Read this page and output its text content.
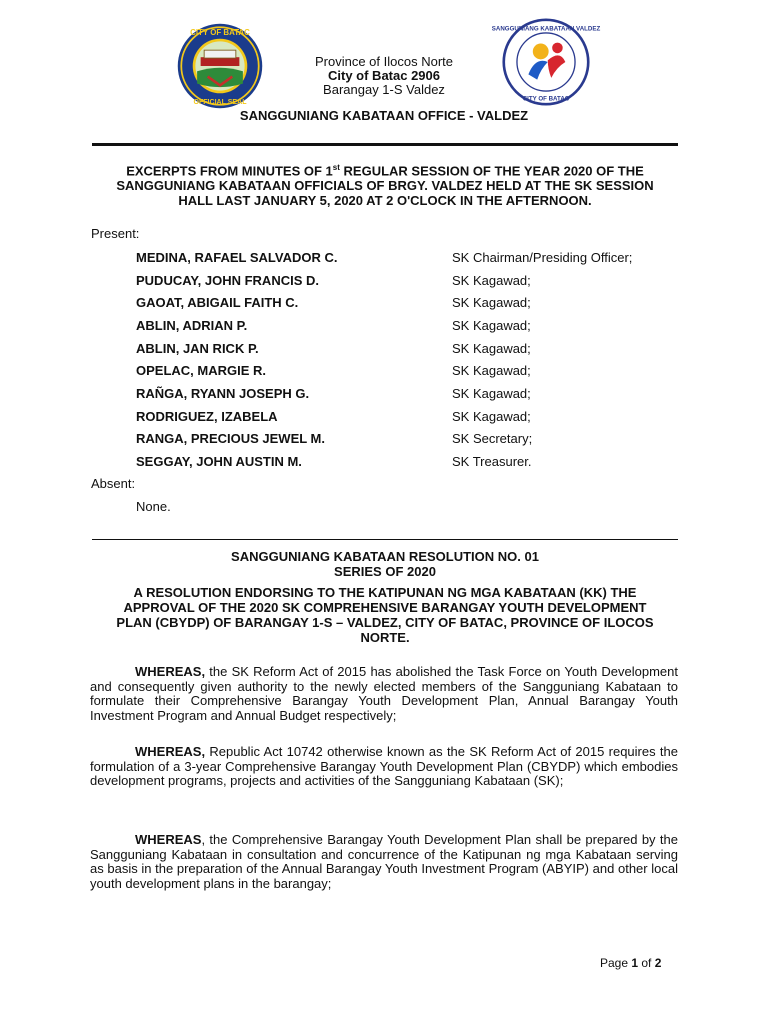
CITY OF BATAC
OFFICIAL SEAL
SANGGUNIANG KABATAAN VALDEZ
CITY OF BATAC
Province of Ilocos Norte
City of Batac 2906
Barangay 1-S Valdez
SANGGUNIANG KABATAAN OFFICE - VALDEZ
EXCERPTS FROM MINUTES OF 1st REGULAR SESSION OF THE YEAR 2020 OF THE
SANGGUNIANG KABATAAN OFFICIALS OF BRGY. VALDEZ HELD AT THE SK SESSION
HALL LAST JANUARY 5, 2020 AT 2 O'CLOCK IN THE AFTERNOON.
Present:
MEDINA, RAFAEL SALVADOR C.	SK Chairman/Presiding Officer;
PUDUCAY, JOHN FRANCIS D.	SK Kagawad;
GAOAT, ABIGAIL FAITH C.	SK Kagawad;
ABLIN, ADRIAN P.	SK Kagawad;
ABLIN, JAN RICK P.	SK Kagawad;
OPELAC, MARGIE R.	SK Kagawad;
RAÑGA, RYANN JOSEPH G.	SK Kagawad;
RODRIGUEZ, IZABELA	SK Kagawad;
RANGA, PRECIOUS JEWEL M.	SK Secretary;
SEGGAY, JOHN AUSTIN M.	SK Treasurer.
Absent:
None.
SANGGUNIANG KABATAAN RESOLUTION NO. 01
SERIES OF 2020
A RESOLUTION ENDORSING TO THE KATIPUNAN NG MGA KABATAAN (KK) THE
APPROVAL OF THE 2020 SK COMPREHENSIVE BARANGAY YOUTH DEVELOPMENT
PLAN (CBYDP) OF BARANGAY 1-S – VALDEZ, CITY OF BATAC, PROVINCE OF ILOCOS
NORTE.
WHEREAS, the SK Reform Act of 2015 has abolished the Task Force on Youth Development and consequently given authority to the newly elected members of the Sangguniang Kabataan to formulate their Comprehensive Barangay Youth Development Plan, Annual Barangay Youth Investment Program and Annual Budget respectively;
WHEREAS, Republic Act 10742 otherwise known as the SK Reform Act of 2015 requires the formulation of a 3-year Comprehensive Barangay Youth Development Plan (CBYDP) which embodies development programs, projects and activities of the Sangguniang Kabataan (SK);
WHEREAS, the Comprehensive Barangay Youth Development Plan shall be prepared by the Sangguniang Kabataan in consultation and concurrence of the Katipunan ng mga Kabataan serving as basis in the preparation of the Annual Barangay Youth Investment Program (ABYIP) and other local youth development plans in the barangay;
Page 1 of 2
